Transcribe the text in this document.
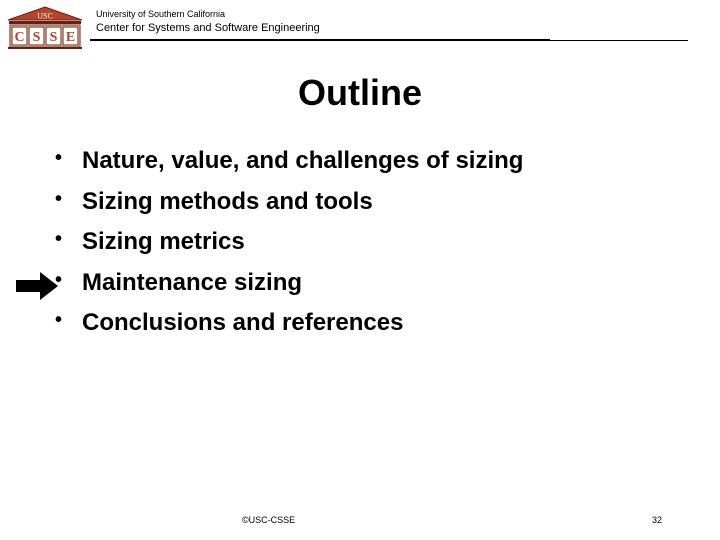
USC
C S S E
University of Southern California
Center for Systems and Software Engineering
Outline
• Nature, value, and challenges of sizing
• Sizing methods and tools
• Sizing metrics
• Maintenance sizing
• Conclusions and references
©USC-CSSE	32
